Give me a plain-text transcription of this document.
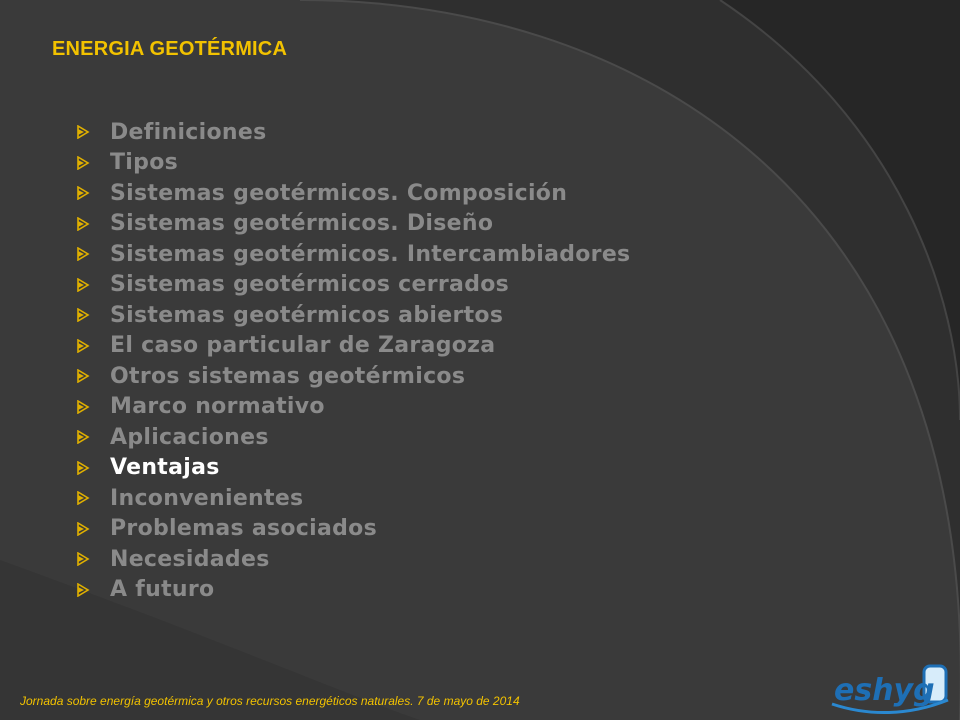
ENERGIA GEOTÉRMICA
Definiciones
Tipos
Sistemas geotérmicos. Composición
Sistemas geotérmicos. Diseño
Sistemas geotérmicos. Intercambiadores
Sistemas geotérmicos cerrados
Sistemas geotérmicos abiertos
El caso particular de Zaragoza
Otros sistemas geotérmicos
Marco normativo
Aplicaciones
Ventajas
Inconvenientes
Problemas asociados
Necesidades
A futuro
Jornada sobre energía geotérmica y otros recursos energéticos naturales. 7 de mayo de 2014	eshyg
